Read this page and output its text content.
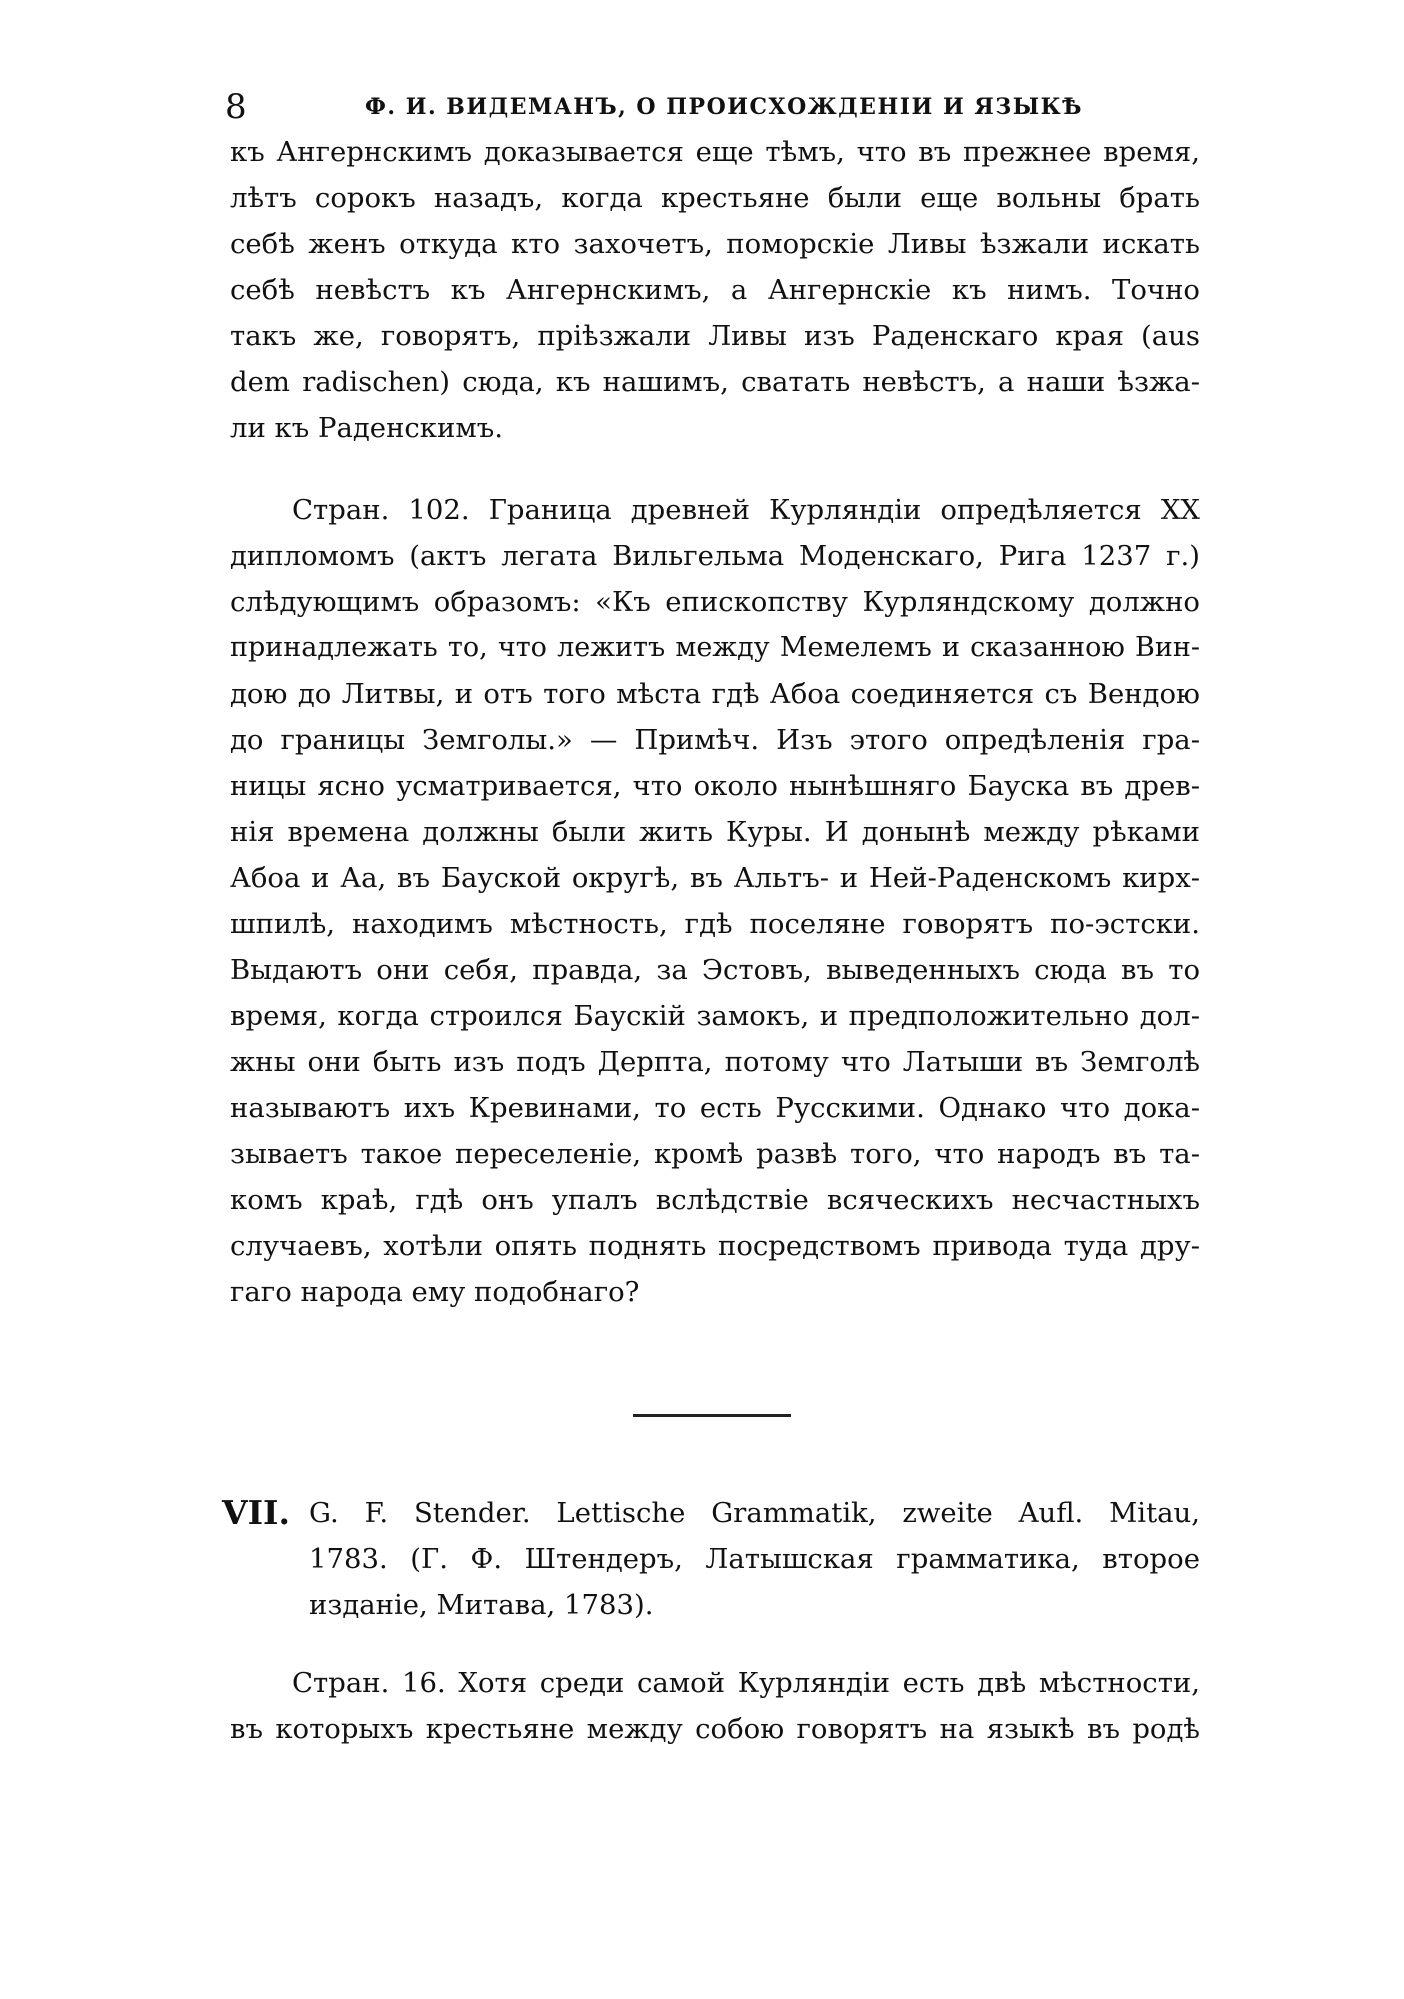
8	Ф. И. ВИДЕМАНЪ, О ПРОИСХОЖДЕНІИ И ЯЗЫКѢ
къ Ангернскимъ доказывается еще тѣмъ, что въ прежнее время,
лѣтъ сорокъ назадъ, когда крестьяне были еще вольны брать
себѣ женъ откуда кто захочетъ, поморскіе Ливы ѣзжали искать
себѣ невѣстъ къ Ангернскимъ, а Ангернскіе къ нимъ. Точно
такъ же, говорятъ, пріѣзжали Ливы изъ Раденскаго края (aus
dem radischen) сюда, къ нашимъ, сватать невѣстъ, а наши ѣзжа-
ли къ Раденскимъ.
Стран. 102. Граница древней Курляндіи опредѣляется XX
дипломомъ (актъ легата Вильгельма Моденскаго, Рига 1237 г.)
слѣдующимъ образомъ: «Къ епископству Курляндскому должно
принадлежать то, что лежитъ между Мемелемъ и сказанною Вин-
дою до Литвы, и отъ того мѣста гдѣ Абоа соединяется съ Вендою
до границы Земголы.» — Примѣч. Изъ этого опредѣленія гра-
ницы ясно усматривается, что около нынѣшняго Бауска въ древ-
нія времена должны были жить Куры. И донынѣ между рѣками
Абоа и Аа, въ Бауской округѣ, въ Альтъ- и Ней-Раденскомъ кирх-
шпилѣ, находимъ мѣстность, гдѣ поселяне говорятъ по-эстски.
Выдаютъ они себя, правда, за Эстовъ, выведенныхъ сюда въ то
время, когда строился Баускій замокъ, и предположительно дол-
жны они быть изъ подъ Дерпта, потому что Латыши въ Земголѣ
называютъ ихъ Кревинами, то есть Русскими. Однако что дока-
зываетъ такое переселеніе, кромѣ развѣ того, что народъ въ та-
комъ краѣ, гдѣ онъ упалъ вслѣдствіе всяческихъ несчастныхъ
случаевъ, хотѣли опять поднять посредствомъ привода туда дру-
гаго народа ему подобнаго?
VII. G. F. Stender. Lettische Grammatik, zweite Aufl. Mitau,
1783. (Г. Ф. Штендеръ, Латышская грамматика, второе
изданіе, Митава, 1783).
Стран. 16. Хотя среди самой Курляндіи есть двѣ мѣстности,
въ которыхъ крестьяне между собою говорятъ на языкѣ въ родѣ
